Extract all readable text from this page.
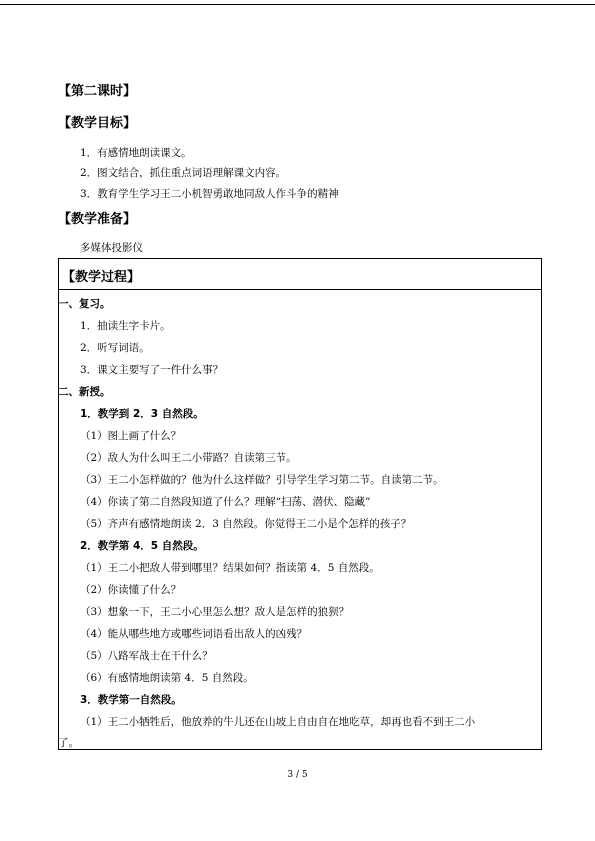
【第二课时】
【教学目标】
1．有感情地朗读课文。
2．图文结合，抓住重点词语理解课文内容。
3．教育学生学习王二小机智勇敢地同敌人作斗争的精神
【教学准备】
多媒体投影仪
【教学过程】
一、复习。
1．抽读生字卡片。
2．听写词语。
3．课文主要写了一件什么事？
二、新授。
1．教学到 2．3 自然段。
（1）图上画了什么？
（2）敌人为什么叫王二小带路？自读第三节。
（3）王二小怎样做的？他为什么这样做？引导学生学习第二节。自读第二节。
（4）你读了第二自然段知道了什么？理解“扫荡、潜伏、隐藏”
（5）齐声有感情地朗读 2．3 自然段。你觉得王二小是个怎样的孩子？
2．教学第 4．5 自然段。
（1）王二小把敌人带到哪里？结果如何？指读第 4．5 自然段。
（2）你读懂了什么？
（3）想象一下，王二小心里怎么想？敌人是怎样的狼狈？
（4）能从哪些地方或哪些词语看出敌人的凶残？
（5）八路军战士在干什么？
（6）有感情地朗读第 4．5 自然段。
3．教学第一自然段。
（1）王二小牺牲后，他放养的牛儿还在山坡上自由自在地吃草，却再也看不到王二小
了。
3 / 5
